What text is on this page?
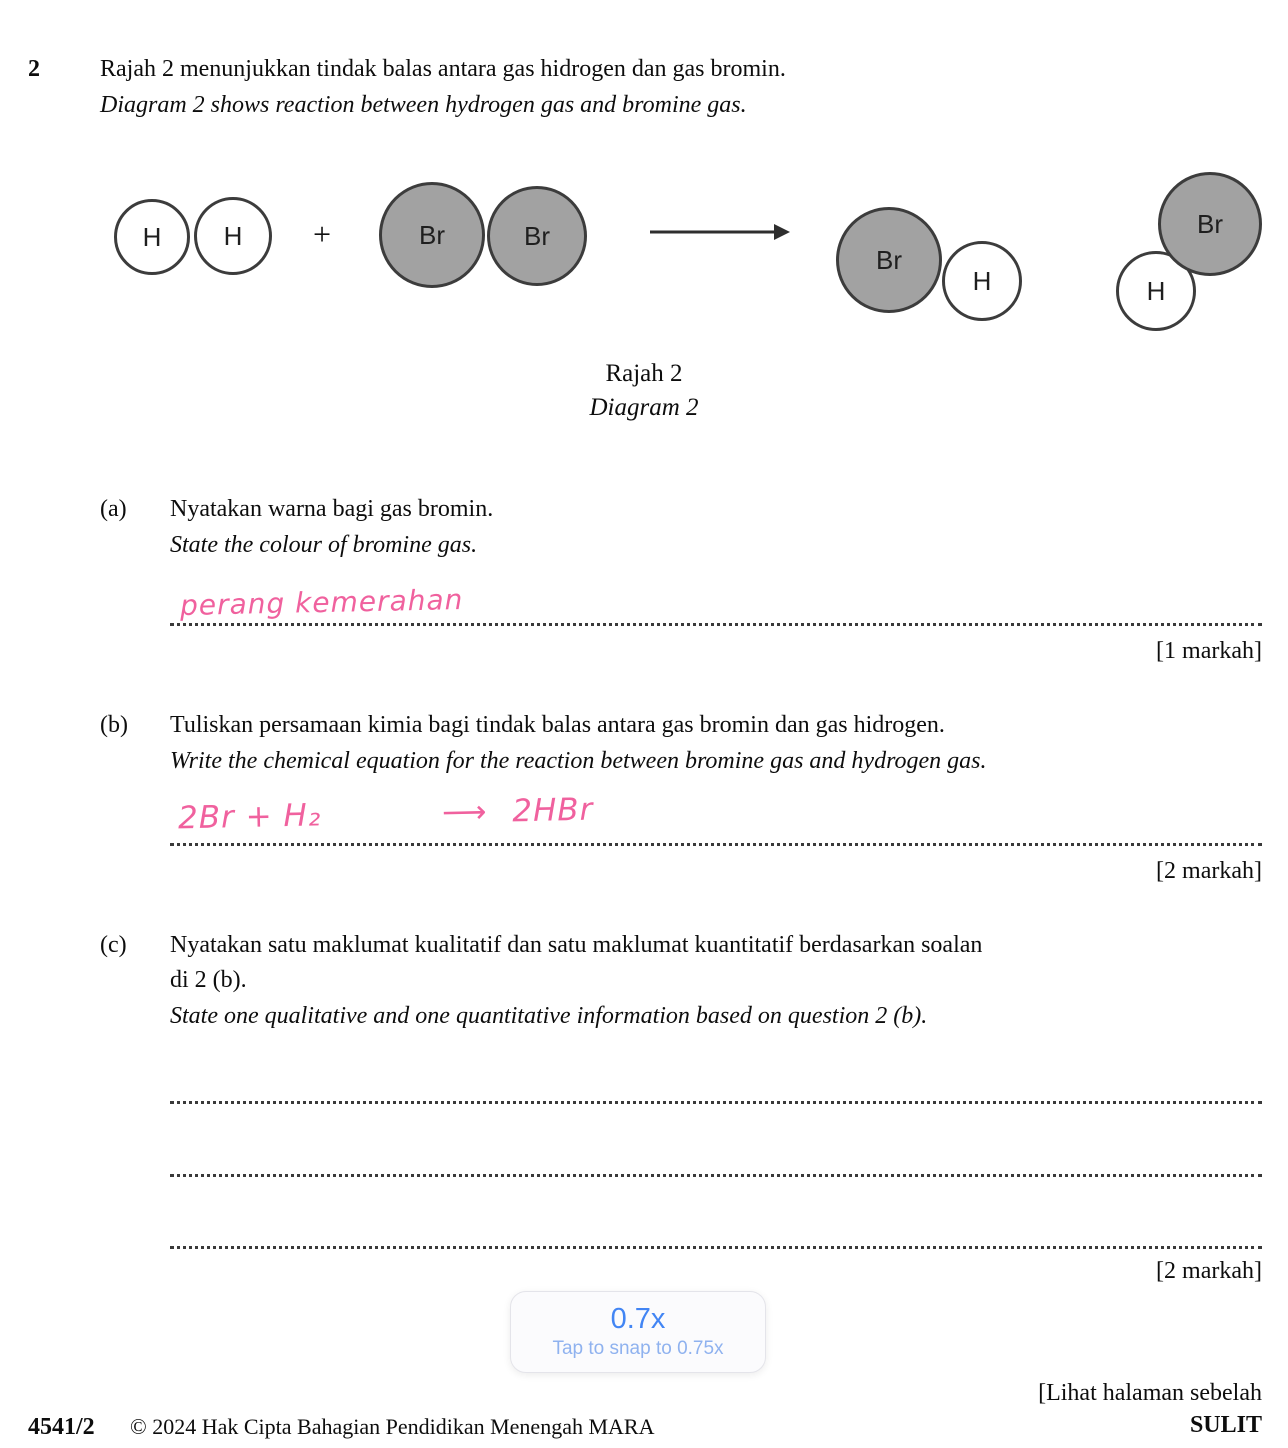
2	Rajah 2 menunjukkan tindak balas antara gas hidrogen dan gas bromin.
Diagram 2 shows reaction between hydrogen gas and bromine gas.
H H +	Br	Br
Br
H	H
Br
Rajah 2
Diagram 2
(a) Nyatakan warna bagi gas bromin.
State the colour of bromine gas.
perang kemerahan
[1 markah]
(b) Tuliskan persamaan kimia bagi tindak balas antara gas bromin dan gas hidrogen.
Write the chemical equation for the reaction between bromine gas and hydrogen gas.
2Br + H₂	⟶ 2HBr
[2 markah]
(c) Nyatakan satu maklumat kualitatif dan satu maklumat kuantitatif berdasarkan soalan
di 2 (b).
State one qualitative and one quantitative information based on question 2 (b).
[2 markah]
0.7x
Tap to snap to 0.75x
[Lihat halaman sebelah
4541/2 © 2024 Hak Cipta Bahagian Pendidikan Menengah MARA	SULIT
